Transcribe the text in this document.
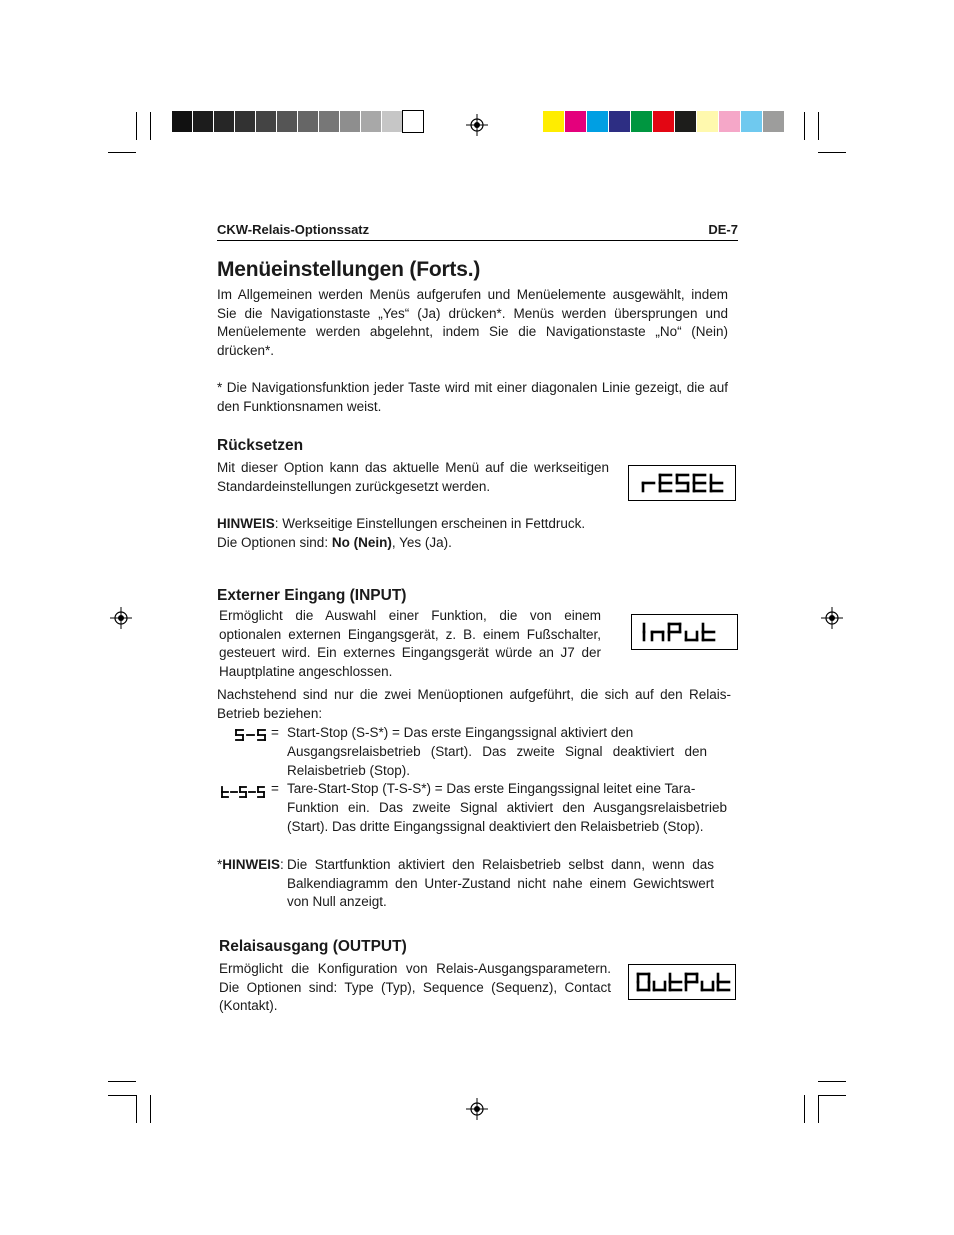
CKW-Relais-Optionssatz	DE-7
Menüeinstellungen (Forts.)
Im Allgemeinen werden Menüs aufgerufen und Menüelemente ausgewählt, indem Sie die Navigationstaste „Yes“ (Ja) drücken*. Menüs werden übersprungen und Menüelemente werden abgelehnt, indem Sie die Navigationstaste „No“ (Nein) drücken*.
* Die Navigationsfunktion jeder Taste wird mit einer diagonalen Linie gezeigt, die auf den Funktionsnamen weist.
Rücksetzen
Mit dieser Option kann das aktuelle Menü auf die werkseitigen Standardeinstellungen zurückgesetzt werden.
HINWEIS: Werkseitige Einstellungen erscheinen in Fettdruck.
Die Optionen sind: No (Nein), Yes (Ja).
Externer Eingang (INPUT)
Ermöglicht die Auswahl einer Funktion, die von einem optionalen externen Eingangsgerät, z. B. einem Fußschalter, gesteuert wird. Ein externes Eingangsgerät würde an J7 der Hauptplatine angeschlossen.
Nachstehend sind nur die zwei Menüoptionen aufgeführt, die sich auf den Relais-Betrieb beziehen:
= Start-Stop (S-S*) = Das erste Eingangssignal aktiviert den
Ausgangsrelaisbetrieb (Start). Das zweite Signal deaktiviert den Relaisbetrieb (Stop).
= Tare-Start-Stop (T-S-S*) = Das erste Eingangssignal leitet eine Tara-
Funktion ein. Das zweite Signal aktiviert den Ausgangsrelaisbetrieb (Start). Das dritte Eingangssignal deaktiviert den Relaisbetrieb (Stop).
*HINWEIS: Die Startfunktion aktiviert den Relaisbetrieb selbst dann, wenn das Balkendiagramm den Unter-Zustand nicht nahe einem Gewichtswert von Null anzeigt.
Relaisausgang (OUTPUT)
Ermöglicht die Konfiguration von Relais-Ausgangsparametern. Die Optionen sind: Type (Typ), Sequence (Sequenz), Contact (Kontakt).
